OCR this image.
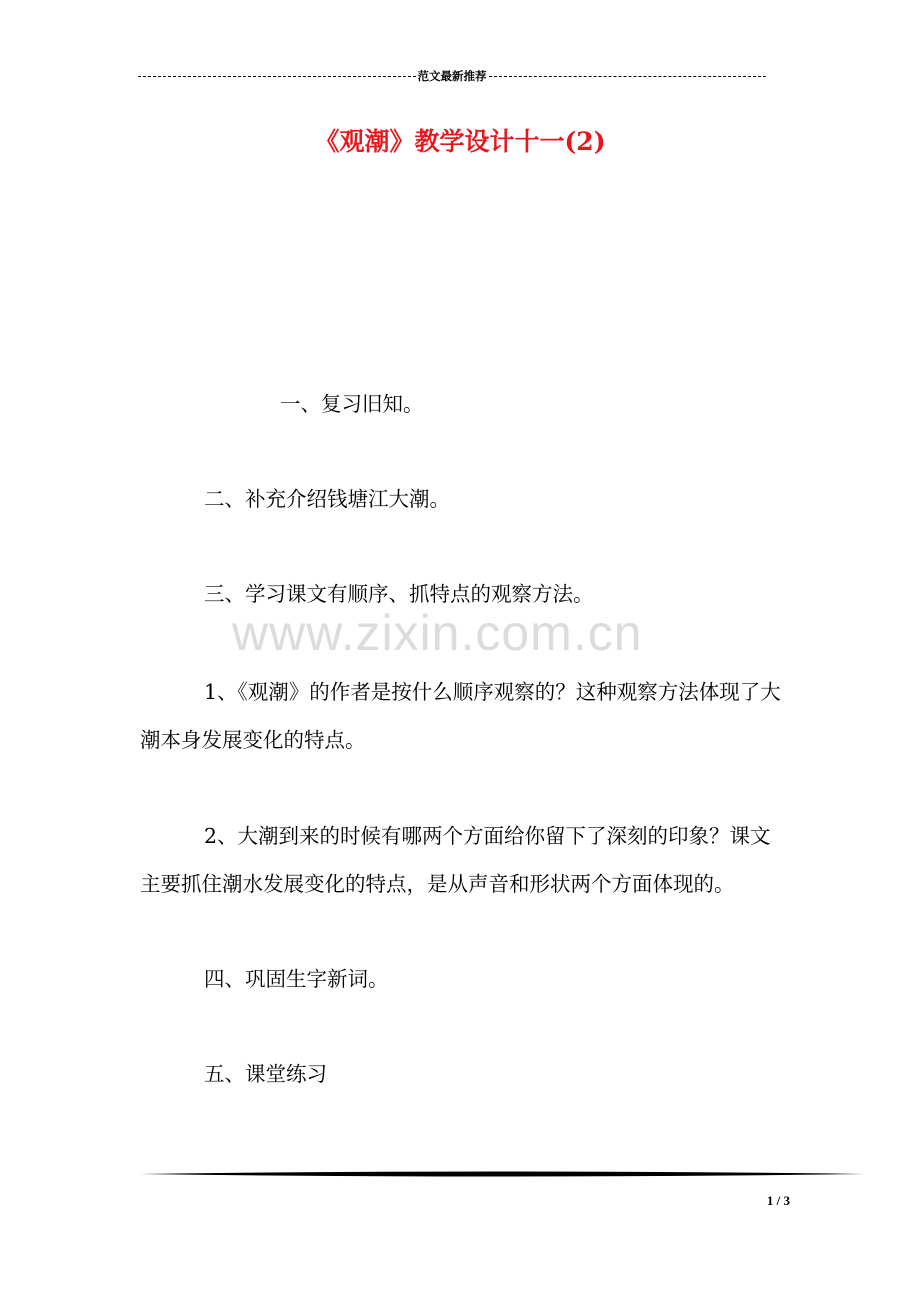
范文最新推荐
《观潮》教学设计十一(2)
www.zixin.com.cn

一、复习旧知。

二、补充介绍钱塘江大潮。

三、学习课文有顺序、抓特点的观察方法。

1、《观潮》的作者是按什么顺序观察的？这种观察方法体现了大潮本身发展变化的特点。

2、大潮到来的时候有哪两个方面给你留下了深刻的印象？课文主要抓住潮水发展变化的特点，是从声音和形状两个方面体现的。

四、巩固生字新词。

五、课堂练习

1 / 3
